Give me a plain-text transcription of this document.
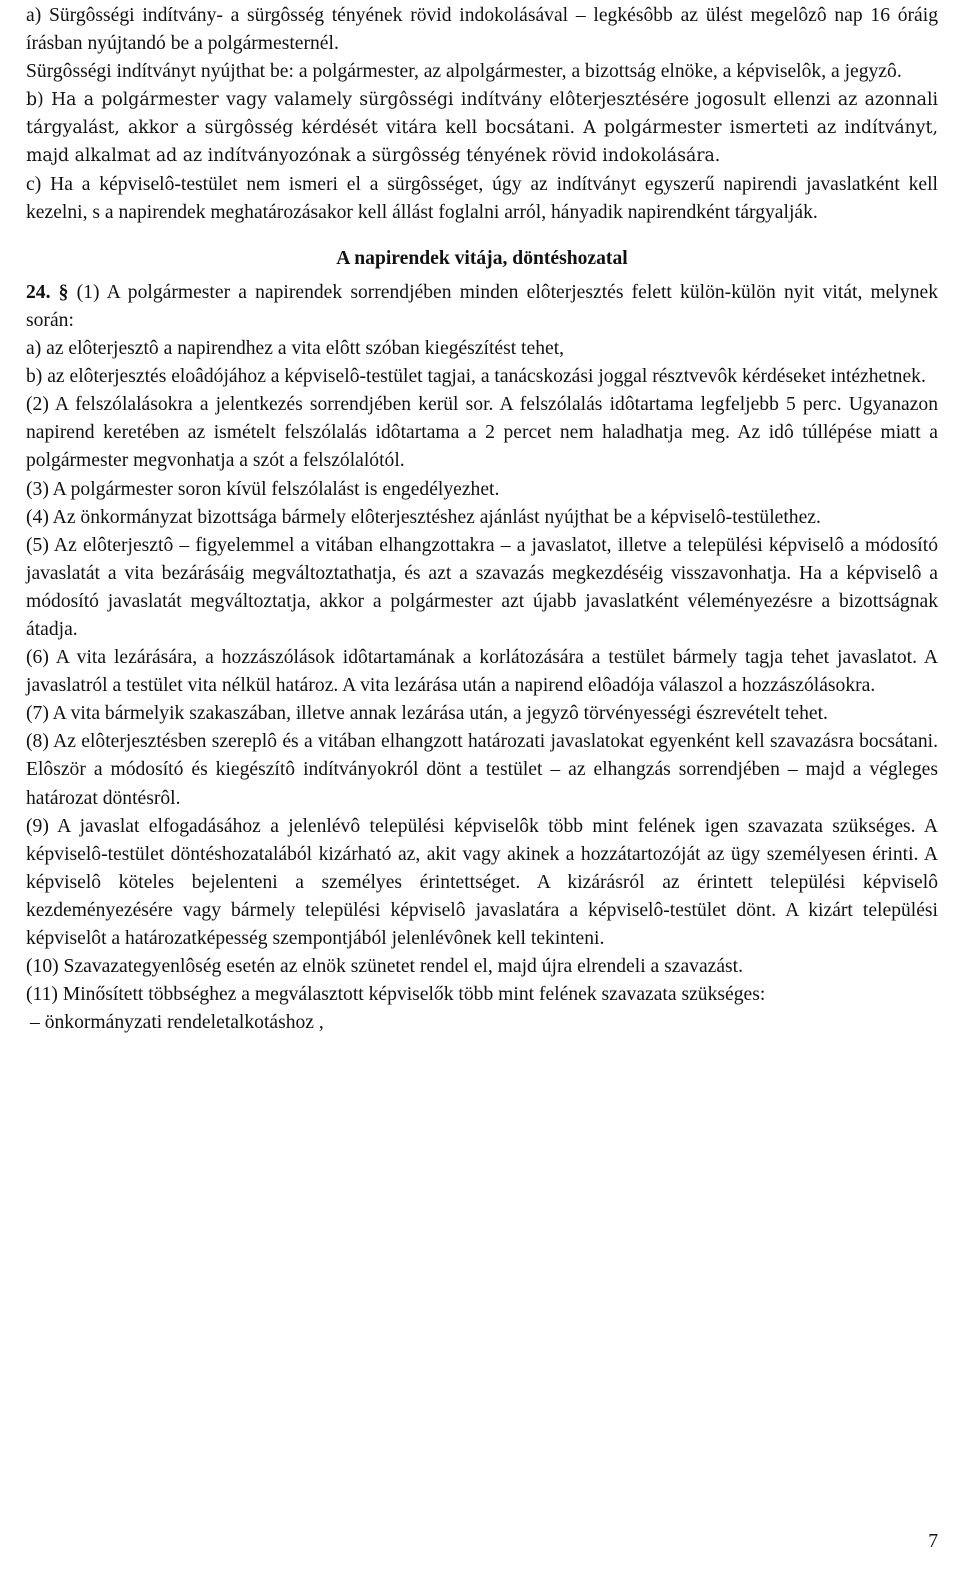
a) Sürgôsségi indítvány- a sürgôsség tényének rövid indokolásával – legkésôbb az ülést megelôzô nap 16 óráig írásban nyújtandó be a polgármesternél.

Sürgôsségi indítványt nyújthat be: a polgármester, az alpolgármester, a bizottság elnöke, a képviselôk, a jegyzô.

b) Ha a polgármester vagy valamely sürgôsségi indítvány elôterjesztésére jogosult ellenzi az azonnali tárgyalást, akkor a sürgôsség kérdését vitára kell bocsátani. A polgármester ismerteti az indítványt, majd alkalmat ad az indítványozónak a sürgôsség tényének rövid indokolására.

c) Ha a képviselô-testület nem ismeri el a sürgôsséget, úgy az indítványt egyszerű napirendi javaslatként kell kezelni, s a napirendek meghatározásakor kell állást foglalni arról, hányadik napirendként tárgyalják.

A napirendek vitája, döntéshozatal

24. § (1) A polgármester a napirendek sorrendjében minden elôterjesztés felett külön-külön nyit vitát, melynek során:

a) az elôterjesztô a napirendhez a vita elôtt szóban kiegészítést tehet,

b) az elôterjesztés eloâdójához a képviselô-testület tagjai, a tanácskozási joggal résztvevôk kérdéseket intézhetnek.

(2) A felszólalásokra a jelentkezés sorrendjében kerül sor. A felszólalás idôtartama legfeljebb 5 perc. Ugyanazon napirend keretében az ismételt felszólalás idôtartama a 2 percet nem haladhatja meg. Az idô túllépése miatt a polgármester megvonhatja a szót a felszólalótól.

(3) A polgármester soron kívül felszólalást is engedélyezhet.

(4) Az önkormányzat bizottsága bármely elôterjesztéshez ajánlást nyújthat be a képviselô-testülethez.

(5) Az elôterjesztô – figyelemmel a vitában elhangzottakra – a javaslatot, illetve a települési képviselô a módosító javaslatát a vita bezárásáig megváltoztathatja, és azt a szavazás megkezdéséig visszavonhatja. Ha a képviselô a módosító javaslatát megváltoztatja, akkor a polgármester azt újabb javaslatként véleményezésre a bizottságnak átadja.

(6) A vita lezárására, a hozzászólások idôtartamának a korlátozására a testület bármely tagja tehet javaslatot. A javaslatról a testület vita nélkül határoz. A vita lezárása után a napirend elôadója válaszol a hozzászólásokra.

(7) A vita bármelyik szakaszában, illetve annak lezárása után, a jegyzô törvényességi észrevételt tehet.

(8) Az elôterjesztésben szereplô és a vitában elhangzott határozati javaslatokat egyenként kell szavazásra bocsátani. Elôször a módosító és kiegészítô indítványokról dönt a testület – az elhangzás sorrendjében – majd a végleges határozat döntésrôl.

(9) A javaslat elfogadásához a jelenlévô települési képviselôk több mint felének igen szavazata szükséges. A képviselô-testület döntéshozatalából kizárható az, akit vagy akinek a hozzátartozóját az ügy személyesen érinti. A képviselô köteles bejelenteni a személyes érintettséget. A kizárásról az érintett települési képviselô kezdeményezésére vagy bármely települési képviselô javaslatára a képviselô-testület dönt. A kizárt települési képviselôt a határozatképesség szempontjából jelenlévônek kell tekinteni.

(10) Szavazategyenlôség esetén az elnök szünetet rendel el, majd újra elrendeli a szavazást.

(11) Minősített többséghez a megválasztott képviselők több mint felének szavazata szükséges:

– önkormányzati rendeletalkotáshoz ,

7
